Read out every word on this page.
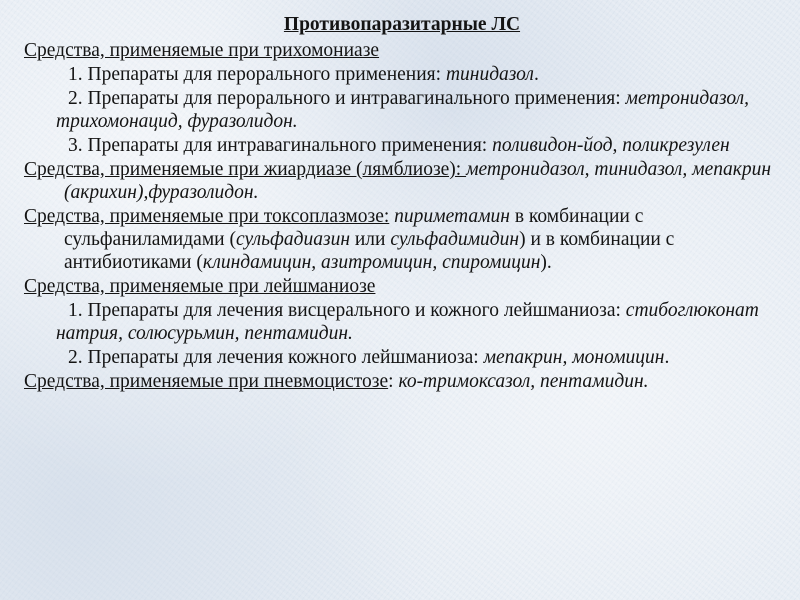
Противопаразитарные ЛС
Средства, применяемые при трихомониазе
1. Препараты для перорального применения: тинидазол.
2. Препараты для перорального и интравагинального применения: метронидазол, трихомонацид, фуразолидон.
3. Препараты для интравагинального применения: поливидон-йод, поликрезулен
Средства, применяемые при жиардиазе (лямблиозе): метронидазол, тинидазол, мепакрин (акрихин),фуразолидон.
Средства, применяемые при токсоплазмозе: пириметамин в комбинации с сульфаниламидами (сульфадиазин или сульфадимидин) и в комбинации с антибиотиками (клиндамицин, азитромицин, спиромицин).
Средства, применяемые при лейшманиозе
1. Препараты для лечения висцерального и кожного лейшманиоза: стибоглюконат натрия, солюсурьмин, пентамидин.
2. Препараты для лечения кожного лейшманиоза: мепакрин, мономицин.
Средства, применяемые при пневмоцистозе: ко-тримоксазол, пентамидин.
